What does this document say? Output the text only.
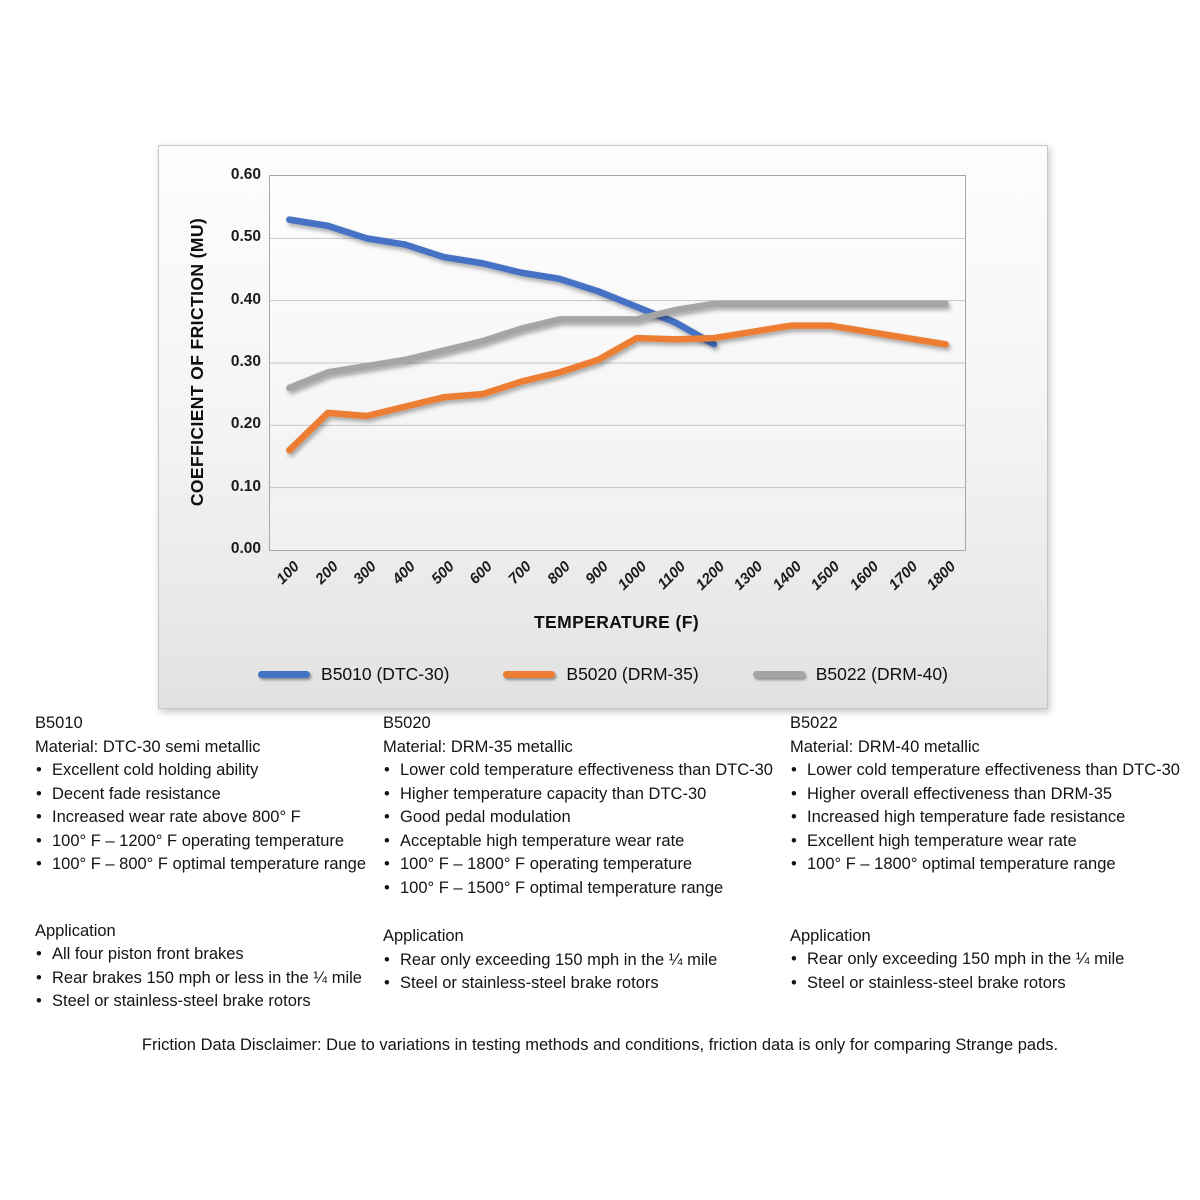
COEFFICIENT OF FRICTION (MU)
0.60
0.50
0.40
0.30
0.20
0.10
0.00
100 200 300 400 500 600 700 800 900 1000 1100 1200 1300 1400 1500 1600 1700 1800
TEMPERATURE (F)
B5010 (DTC-30)	B5020 (DRM-35)	B5022 (DRM-40)
B5010
Material: DTC-30 semi metallic
• Excellent cold holding ability
• Decent fade resistance
• Increased wear rate above 800° F
• 100° F – 1200° F operating temperature
• 100° F – 800° F optimal temperature range
Application
• All four piston front brakes
• Rear brakes 150 mph or less in the ¼ mile
• Steel or stainless-steel brake rotors
B5020
Material: DRM-35 metallic
• Lower cold temperature effectiveness than DTC-30
• Higher temperature capacity than DTC-30
• Good pedal modulation
• Acceptable high temperature wear rate
• 100° F – 1800° F operating temperature
• 100° F – 1500° F optimal temperature range
Application
• Rear only exceeding 150 mph in the ¼ mile
• Steel or stainless-steel brake rotors
B5022
Material: DRM-40 metallic
• Lower cold temperature effectiveness than DTC-30
• Higher overall effectiveness than DRM-35
• Increased high temperature fade resistance
• Excellent high temperature wear rate
• 100° F – 1800° optimal temperature range
Application
• Rear only exceeding 150 mph in the ¼ mile
• Steel or stainless-steel brake rotors
Friction Data Disclaimer: Due to variations in testing methods and conditions, friction data is only for comparing Strange pads.
